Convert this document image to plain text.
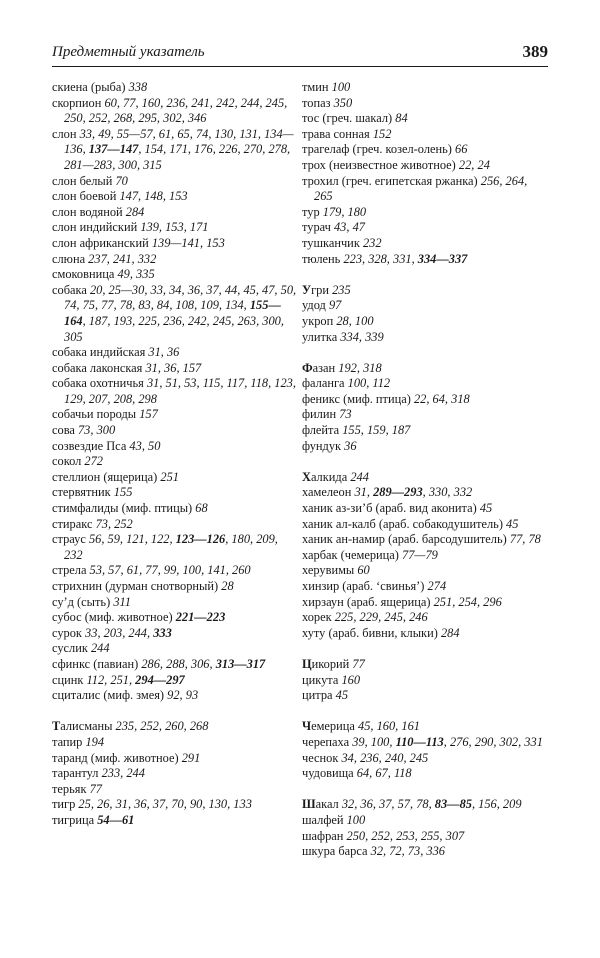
Предметный указатель	389
скиена (рыба) 338
скорпион 60, 77, 160, 236, 241, 242, 244, 245, 250, 252, 268, 295, 302, 346
слон 33, 49, 55—57, 61, 65, 74, 130, 131, 134—136, 137—147, 154, 171, 176, 226, 270, 278, 281—283, 300, 315
слон белый 70
слон боевой 147, 148, 153
слон водяной 284
слон индийский 139, 153, 171
слон африканский 139—141, 153
слюна 237, 241, 332
смоковница 49, 335
собака 20, 25—30, 33, 34, 36, 37, 44, 45, 47, 50, 74, 75, 77, 78, 83, 84, 108, 109, 134, 155—164, 187, 193, 225, 236, 242, 245, 263, 300, 305
собака индийская 31, 36
собака лаконская 31, 36, 157
собака охотничья 31, 51, 53, 115, 117, 118, 123, 129, 207, 208, 298
собачьи породы 157
сова 73, 300
созвездие Пса 43, 50
сокол 272
стеллион (ящерица) 251
стервятник 155
стимфалиды (миф. птицы) 68
стиракс 73, 252
страус 56, 59, 121, 122, 123—126, 180, 209, 232
стрела 53, 57, 61, 77, 99, 100, 141, 260
стрихнин (дурман снотворный) 28
су’д (сыть) 311
субос (миф. животное) 221—223
сурок 33, 203, 244, 333
суслик 244
сфинкс (павиан) 286, 288, 306, 313—317
сцинк 112, 251, 294—297
сциталис (миф. змея) 92, 93
Талисманы 235, 252, 260, 268
тапир 194
таранд (миф. животное) 291
тарантул 233, 244
терьяк 77
тигр 25, 26, 31, 36, 37, 70, 90, 130, 133
тигрица 54—61
тмин 100
топаз 350
тос (греч. шакал) 84
трава сонная 152
трагелаф (греч. козел-олень) 66
трох (неизвестное животное) 22, 24
трохил (греч. египетская ржанка) 256, 264, 265
тур 179, 180
турач 43, 47
тушканчик 232
тюлень 223, 328, 331, 334—337
Угри 235
удод 97
укроп 28, 100
улитка 334, 339
Фазан 192, 318
фаланга 100, 112
феникс (миф. птица) 22, 64, 318
филин 73
флейта 155, 159, 187
фундук 36
Халкида 244
хамелеон 31, 289—293, 330, 332
ханик аз-зи’б (араб. вид аконита) 45
ханик ал-калб (араб. собакодушитель) 45
ханик ан-намир (араб. барсодушитель) 77, 78
харбак (чемерица) 77—79
херувимы 60
хинзир (араб. ‘свинья’) 274
хирзаун (араб. ящерица) 251, 254, 296
хорек 225, 229, 245, 246
хуту (араб. бивни, клыки) 284
Цикорий 77
цикута 160
цитра 45
Чемерица 45, 160, 161
черепаха 39, 100, 110—113, 276, 290, 302, 331
чеснок 34, 236, 240, 245
чудовища 64, 67, 118
Шакал 32, 36, 37, 57, 78, 83—85, 156, 209
шалфей 100
шафран 250, 252, 253, 255, 307
шкура барса 32, 72, 73, 336
